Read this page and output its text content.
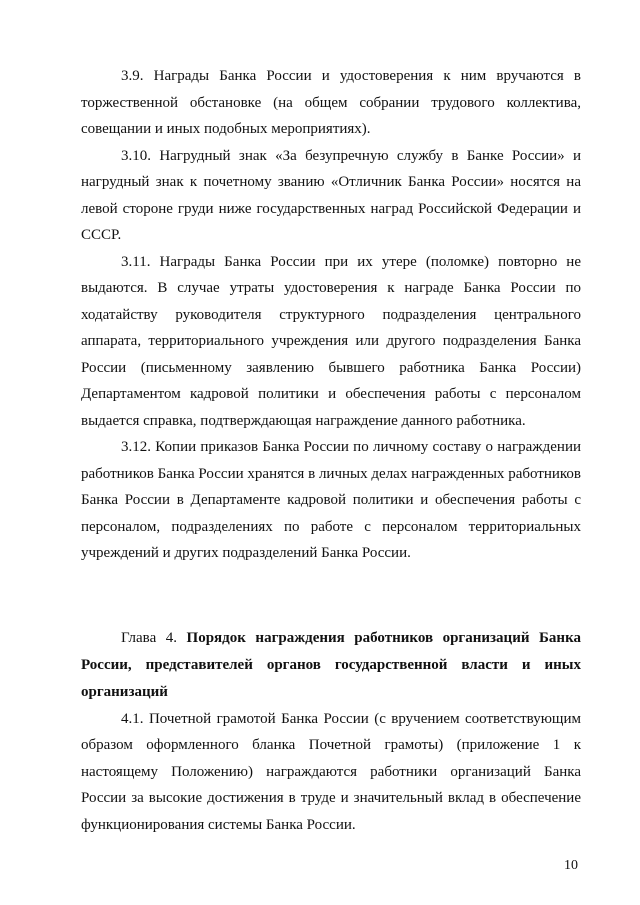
3.9. Награды Банка России и удостоверения к ним вручаются в торжественной обстановке (на общем собрании трудового коллектива, совещании и иных подобных мероприятиях).

3.10. Нагрудный знак «За безупречную службу в Банке России» и нагрудный знак к почетному званию «Отличник Банка России» носятся на левой стороне груди ниже государственных наград Российской Федерации и СССР.

3.11. Награды Банка России при их утере (поломке) повторно не выдаются. В случае утраты удостоверения к награде Банка России по ходатайству руководителя структурного подразделения центрального аппарата, территориального учреждения или другого подразделения Банка России (письменному заявлению бывшего работника Банка России) Департаментом кадровой политики и обеспечения работы с персоналом выдается справка, подтверждающая награждение данного работника.

3.12. Копии приказов Банка России по личному составу о награждении работников Банка России хранятся в личных делах награжденных работников Банка России в Департаменте кадровой политики и обеспечения работы с персоналом, подразделениях по работе с персоналом территориальных учреждений и других подразделений Банка России.

Глава 4. Порядок награждения работников организаций Банка России, представителей органов государственной власти и иных организаций

4.1. Почетной грамотой Банка России (с вручением соответствующим образом оформленного бланка Почетной грамоты) (приложение 1 к настоящему Положению) награждаются работники организаций Банка России за высокие достижения в труде и значительный вклад в обеспечение функционирования системы Банка России.

10
